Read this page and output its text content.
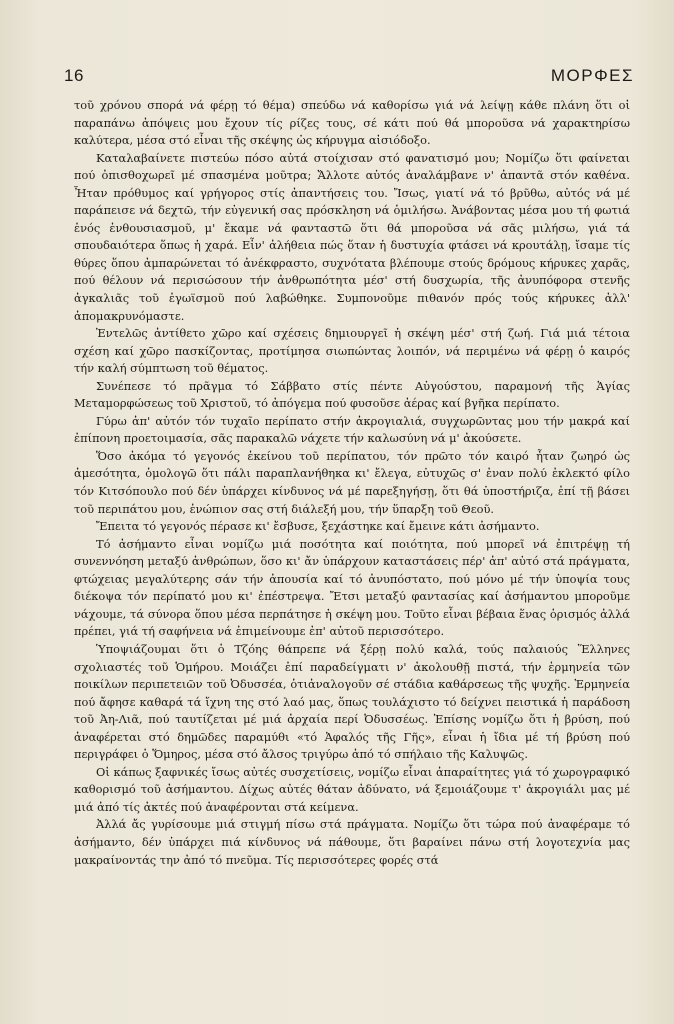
16	ΜΟΡΦΕΣ

τοῦ χρόνου σπορά νά φέρῃ τό θέμα) σπεύδω νά καθορίσω γιά νά λείψῃ κάθε πλάνη ὅτι οἱ παραπάνω ἀπόψεις μου ἔχουν τίς ρίζες τους, σέ κάτι πού θά μποροῦσα νά χαρακτηρίσω καλύτερα, μέσα στό εἶναι τῆς σκέψης ὡς κήρυγμα αἰσιόδοξο.

Καταλαβαίνετε πιστεύω πόσο αὐτά στοίχισαν στό φανατισμό μου; Νομίζω ὅτι φαίνεται πού ὀπισθοχωρεῖ μέ σπασμένα μοῦτρα; Ἄλλοτε αὐτός ἀναλάμβανε ν' ἀπαντᾶ στόν καθένα. Ἦταν πρόθυμος καί γρήγορος στίς ἀπαντήσεις του. Ἴσως, γιατί νά τό βρῦθω, αὐτός νά μέ παράπεισε νά δεχτῶ, τήν εὐγενική σας πρόσκληση νά ὁμιλήσω. Ἀνάβοντας μέσα μου τή φωτιά ἑνός ἐνθουσιασμοῦ, μ' ἔκαμε νά φανταστῶ ὅτι θά μποροῦσα νά σᾶς μιλήσω, γιά τά σπουδαιότερα ὅπως ἡ χαρά. Εἶν' ἀλήθεια πώς ὅταν ἡ δυστυχία φτάσει νά κρουτάλῃ, ἴσαμε τίς θύρες ὅπου ἀμπαρώνεται τό ἀνέκφραστο, συχνότατα βλέπουμε στούς δρόμους κήρυκες χαρᾶς, πού θέλουν νά περισώσουν τήν ἀνθρωπότητα μέσ' στή δυσχωρία, τῆς ἀνυπόφορα στενῆς ἀγκαλιᾶς τοῦ ἐγωϊσμοῦ πού λαβώθηκε. Συμπονοῦμε πιθανόν πρός τούς κήρυκες ἀλλ' ἀπομακρυνόμαστε.

Ἐντελῶς ἀντίθετο χῶρο καί σχέσεις δημιουργεῖ ἡ σκέψη μέσ' στή ζωή. Γιά μιά τέτοια σχέση καί χῶρο πασκίζοντας, προτίμησα σιωπώντας λοιπόν, νά περιμένω νά φέρῃ ὁ καιρός τήν καλή σύμπτωση τοῦ θέματος.

Συνέπεσε τό πρᾶγμα τό Σάββατο στίς πέντε Αὐγούστου, παραμονή τῆς Ἁγίας Μεταμορφώσεως τοῦ Χριστοῦ, τό ἀπόγεμα πού φυσοῦσε ἀέρας καί βγῆκα περίπατο.

Γύρω ἀπ' αὐτόν τόν τυχαῖο περίπατο στήν ἀκρογιαλιά, συγχωρῶντας μου τήν μακρά καί ἐπίπονη προετοιμασία, σᾶς παρακαλῶ νάχετε τήν καλωσύνη νά μ' ἀκούσετε.

Ὅσο ἀκόμα τό γεγονός ἐκείνου τοῦ περίπατου, τόν πρῶτο τόν καιρό ἦταν ζωηρό ὡς ἀμεσότητα, ὁμολογῶ ὅτι πάλι παραπλανήθηκα κι' ἔλεγα, εὐτυχῶς σ' ἐναν πολύ ἐκλεκτό φίλο τόν Κιτσόπουλο πού δέν ὑπάρχει κίνδυνος νά μέ παρεξηγήσῃ, ὅτι θά ὑποστήριζα, ἐπί τῇ βάσει τοῦ περιπάτου μου, ἐνώπιον σας στή διάλεξή μου, τήν ὕπαρξη τοῦ Θεοῦ.

Ἔπειτα τό γεγονός πέρασε κι' ἔσβυσε, ξεχάστηκε καί ἔμεινε κάτι ἀσήμαντο.

Τό ἀσήμαντο εἶναι νομίζω μιά ποσότητα καί ποιότητα, πού μπορεῖ νά ἐπιτρέψῃ τή συνεννόηση μεταξύ ἀνθρώπων, ὅσο κι' ἄν ὑπάρχουν καταστάσεις πέρ' ἀπ' αὐτό στά πράγματα, φτώχειας μεγαλύτερης σάν τήν ἀπουσία καί τό ἀνυπόστατο, πού μόνο μέ τήν ὑποψία τους διέκοψα τόν περίπατό μου κι' ἐπέστρεψα. Ἔτσι μεταξύ φαντασίας καί ἀσήμαντου μποροῦμε νάχουμε, τά σύνορα ὅπου μέσα περπάτησε ἡ σκέψη μου. Τοῦτο εἶναι βέβαια ἕνας ὁρισμός ἀλλά πρέπει, γιά τή σαφήνεια νά ἐπιμείνουμε ἐπ' αὐτοῦ περισσότερο.

Ὑποψιάζουμαι ὅτι ὁ Τζόης θάπρεπε νά ξέρῃ πολύ καλά, τούς παλαιούς Ἕλληνες σχολιαστές τοῦ Ὁμήρου. Μοιάζει ἐπί παραδείγματι ν' ἀκολουθῇ πιστά, τήν ἑρμηνεία τῶν ποικίλων περιπετειῶν τοῦ Ὀδυσσέα, ὁτιἀναλογοῦν σέ στάδια καθάρσεως τῆς ψυχῆς. Ἑρμηνεία πού ἄφησε καθαρά τά ἴχνη της στό λαό μας, ὅπως τουλάχιστο τό δείχνει πειστικά ἡ παράδοση τοῦ Ἀη-Λιᾶ, πού ταυτίζεται μέ μιά ἀρχαία περί Ὀδυσσέως. Ἐπίσης νομίζω ὅτι ἡ βρύση, πού ἀναφέρεται στό δημῶδες παραμύθι «τό Ἀφαλός τῆς Γῆς», εἶναι ἡ ἴδια μέ τή βρύση πού περιγράφει ὁ Ὅμηρος, μέσα στό ἄλσος τριγύρω ἀπό τό σπήλαιο τῆς Καλυψῶς.

Οἱ κάπως ξαφνικές ἴσως αὐτές συσχετίσεις, νομίζω εἶναι ἀπαραίτητες γιά τό χωρογραφικό καθορισμό τοῦ ἀσήμαντου. Δίχως αὐτές θάταν ἀδύνατο, νά ξεμοιάζουμε τ' ἀκρογιάλι μας μέ μιά ἀπό τίς ἀκτές πού ἀναφέρονται στά κείμενα.

Ἀλλά ἄς γυρίσουμε μιά στιγμή πίσω στά πράγματα. Νομίζω ὅτι τώρα πού ἀναφέραμε τό ἀσήμαντο, δέν ὑπάρχει πιά κίνδυνος νά πάθουμε, ὅτι βαραίνει πάνω στή λογοτεχνία μας μακραίνοντάς την ἀπό τό πνεῦμα. Τίς περισσότερες φορές στά
